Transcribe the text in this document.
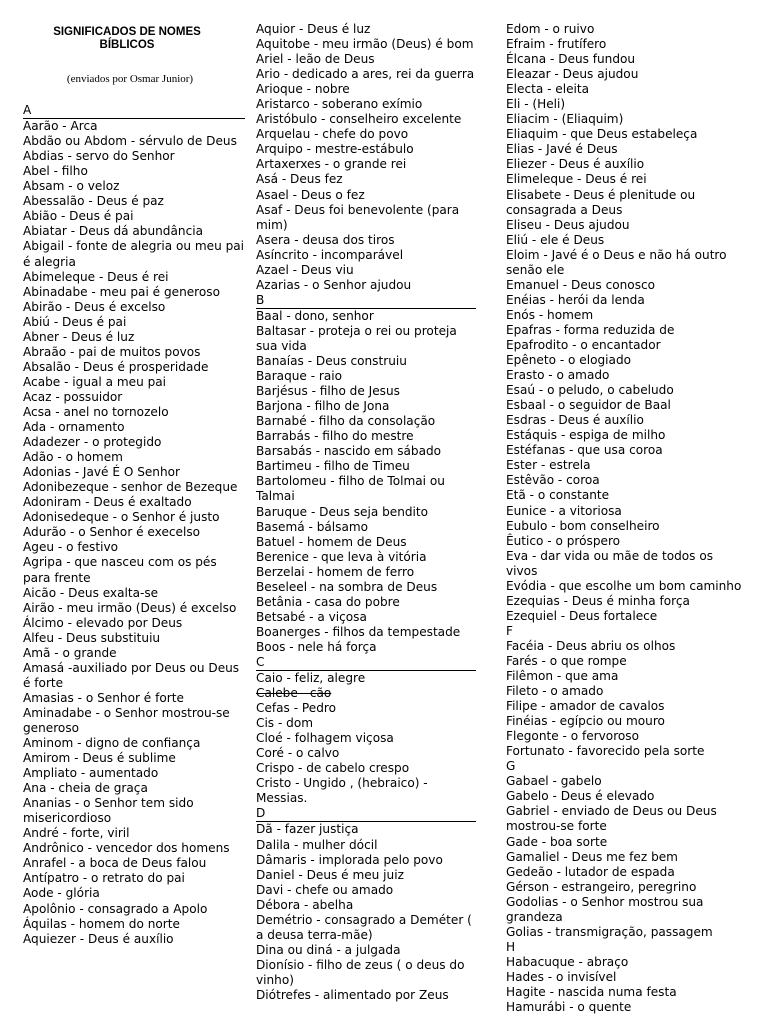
SIGNIFICADOS DE NOMES
BÍBLICOS
(enviados por Osmar Junior)
A
Aarão - Arca
Abdão ou Abdom - sérvulo de Deus
Abdias - servo do Senhor
Abel - filho
Absam - o veloz
Abessalão - Deus é paz
Abião - Deus é pai
Abiatar - Deus dá abundância
Abigail - fonte de alegria ou meu pai é alegria
Abimeleque - Deus é rei
Abinadabe - meu pai é generoso
Abirão - Deus é excelso
Abiú - Deus é pai
Abner - Deus é luz
Abraão - pai de muitos povos
Absalão - Deus é prosperidade
Acabe - igual a meu pai
Acaz - possuidor
Acsa - anel no tornozelo
Ada - ornamento
Adadezer - o protegido
Adão - o homem
Adonias - Javé É O Senhor
Adonibezeque - senhor de Bezeque
Adoniram - Deus é exaltado
Adonisedeque - o Senhor é justo
Adurão - o Senhor é execelso
Ageu - o festivo
Agripa - que nasceu com os pés para frente
Aicão - Deus exalta-se
Airão - meu irmão (Deus) é excelso
Álcimo - elevado por Deus
Alfeu - Deus substituiu
Amã - o grande
Amasá -auxiliado por Deus ou Deus é forte
Amasias - o Senhor é forte
Aminadabe - o Senhor mostrou-se generoso
Aminom - digno de confiança
Amirom - Deus é sublime
Ampliato - aumentado
Ana - cheia de graça
Ananias - o Senhor tem sido misericordioso
André - forte, viril
Andrônico - vencedor dos homens
Anrafel - a boca de Deus falou
Antípatro - o retrato do pai
Aode - glória
Apolônio - consagrado a Apolo
Áquilas - homem do norte
Aquiezer - Deus é auxílio
Aquior - Deus é luz
Aquitobe - meu irmão (Deus) é bom
Ariel - leão de Deus
Ario - dedicado a ares, rei da guerra
Arioque - nobre
Aristarco - soberano exímio
Aristóbulo - conselheiro excelente
Arquelau - chefe do povo
Arquipo - mestre-estábulo
Artaxerxes - o grande rei
Asá - Deus fez
Asael - Deus o fez
Asaf - Deus foi benevolente (para mim)
Asera - deusa dos tiros
Asíncrito - incomparável
Azael - Deus viu
Azarias - o Senhor ajudou
B
Baal - dono, senhor
Baltasar - proteja o rei ou proteja sua vida
Banaías - Deus construiu
Baraque - raio
Barjésus - filho de Jesus
Barjona - filho de Jona
Barnabé - filho da consolação
Barrabás - filho do mestre
Barsabás - nascido em sábado
Bartimeu - filho de Timeu
Bartolomeu - filho de Tolmai ou Talmai
Baruque - Deus seja bendito
Basemá - bálsamo
Batuel - homem de Deus
Berenice - que leva à vitória
Berzelai - homem de ferro
Beseleel - na sombra de Deus
Betânia - casa do pobre
Betsabé - a viçosa
Boanerges - filhos da tempestade
Boos - nele há força
C
Caio - feliz, alegre
Calebe - cão
Cefas - Pedro
Cis - dom
Cloé - folhagem viçosa
Coré - o calvo
Crispo - de cabelo crespo
Cristo - Ungido , (hebraico) - Messias.
D
Dã - fazer justiça
Dalila - mulher dócil
Dâmaris - implorada pelo povo
Daniel - Deus é meu juiz
Davi - chefe ou amado
Débora - abelha
Demétrio - consagrado a Deméter ( a deusa terra-mãe)
Dina ou diná - a julgada
Dionísio - filho de zeus ( o deus do vinho)
Diótrefes - alimentado por Zeus
Edom - o ruivo
Efraim - frutífero
Élcana - Deus fundou
Eleazar - Deus ajudou
Electa - eleita
Eli - (Heli)
Eliacim - (Eliaquim)
Eliaquim - que Deus estabeleça
Elias - Javé é Deus
Eliezer - Deus é auxílio
Elimeleque - Deus é rei
Elisabete - Deus é plenitude ou consagrada a Deus
Eliseu - Deus ajudou
Eliú - ele é Deus
Eloim - Javé é o Deus e não há outro senão ele
Emanuel - Deus conosco
Enéias - herói da lenda
Enós - homem
Epafras - forma reduzida de
Epafrodito - o encantador
Epêneto - o elogiado
Erasto - o amado
Esaú - o peludo, o cabeludo
Esbaal - o seguidor de Baal
Esdras - Deus é auxílio
Estáquis - espiga de milho
Estéfanas - que usa coroa
Ester - estrela
Estêvão - coroa
Etã - o constante
Eunice - a vitoriosa
Eubulo - bom conselheiro
Êutico - o próspero
Eva - dar vida ou mãe de todos os vivos
Evódia - que escolhe um bom caminho
Ezequias - Deus é minha força
Ezequiel - Deus fortalece
F
Facéia - Deus abriu os olhos
Farés - o que rompe
Filêmon - que ama
Fileto - o amado
Filipe - amador de cavalos
Finéias - egípcio ou mouro
Flegonte - o fervoroso
Fortunato - favorecido pela sorte
G
Gabael - gabelo
Gabelo - Deus é elevado
Gabriel - enviado de Deus ou Deus mostrou-se forte
Gade - boa sorte
Gamaliel - Deus me fez bem
Gedeão - lutador de espada
Gérson - estrangeiro, peregrino
Godolias - o Senhor mostrou sua grandeza
Golias - transmigração, passagem
H
Habacuque - abraço
Hades - o invisível
Hagite - nascida numa festa
Hamurábi - o quente
